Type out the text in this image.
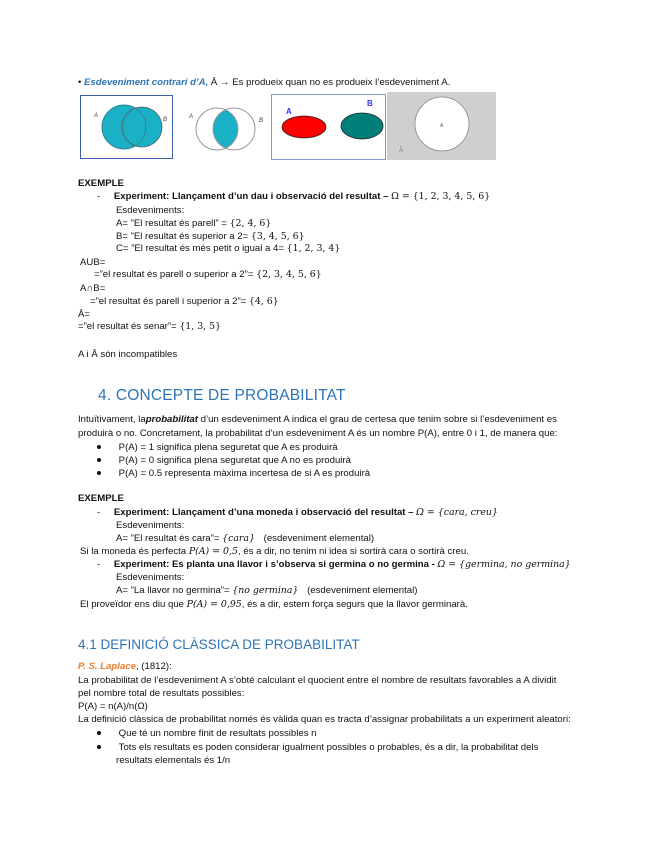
• Esdeveniment contrari d’A, Ā → Es produeix quan no es produeix l’esdeveniment A.
A
B	A
B
A
B
A
Ā
EXEMPLE
- Experiment: Llançament d’un dau i observació del resultat – Ω = {1, 2, 3, 4, 5, 6}
Esdeveniments:
A= ”El resultat és parell” = {2, 4, 6}
B= ”El resultat és superior a 2= {3, 4, 5, 6}
C= ”El resultat és més petit o igual a 4= {1, 2, 3, 4}
AUB=
=”el resultat és parell o superior a 2”= {2, 3, 4, 5, 6}
A∩B=
=”el resultat és parell i superior a 2”= {4, 6}
Ā=
=”el resultat és senar”= {1, 3, 5}
A i Ā són incompatibles
4. CONCEPTE DE PROBABILITAT
Intuïtivament, laprobabilitat d’un esdeveniment A indica el grau de certesa que tenim sobre si l’esdeveniment es
produirà o no. Concretament, la probabilitat d’un esdeveniment A és un nombre P(A), entre 0 i 1, de manera que:
P(A) = 1 significa plena seguretat que A es produirà
P(A) = 0 significa plena seguretat que A no es produirà
P(A) = 0.5 representa màxima incertesa de si A es produirà
EXEMPLE
- Experiment: Llançament d’una moneda i observació del resultat – Ω = {cara, creu}
Esdeveniments:
A= ”El resultat és cara”= {cara} (esdeveniment elemental)
Si la moneda és perfecta P(A) = 0,5, és a dir, no tenim ni idea si sortirà cara o sortirà creu.
- Experiment: Es planta una llavor i s’observa si germina o no germina - Ω = {germina, no germina}
Esdeveniments:
A= ”La llavor no germina”= {no germina} (esdeveniment elemental)
El proveïdor ens diu que P(A) = 0,95, és a dir, estem força segurs que la llavor germinarà.
4.1 DEFINICIÓ CLÀSSICA DE PROBABILITAT
P. S. Laplace, (1812):
La probabilitat de l’esdeveniment A s’obté calculant el quocient entre el nombre de resultats favorables a A dividit
pel nombre total de resultats possibles:
P(A) = n(A)/n(Ω)
La definició clàssica de probabilitat només és vàlida quan es tracta d’assignar probabilitats a un experiment aleatori:
Que té un nombre finit de resultats possibles n
Tots els resultats es poden considerar igualment possibles o probables, és a dir, la probabilitat dels
resultats elementals és 1/n
